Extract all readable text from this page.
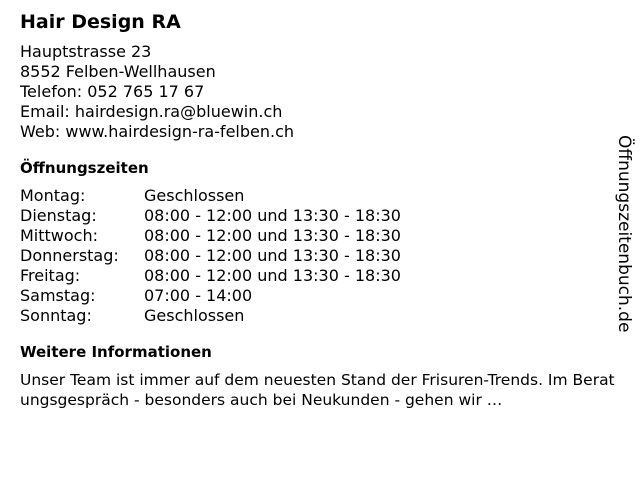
Hair Design RA
Hauptstrasse 23
8552 Felben-Wellhausen
Telefon: 052 765 17 67
Email: hairdesign.ra@bluewin.ch
Web: www.hairdesign-ra-felben.ch
Öffnungszeiten
Montag:	Geschlossen
Dienstag:	08:00 - 12:00 und 13:30 - 18:30
Mittwoch:	08:00 - 12:00 und 13:30 - 18:30
Donnerstag: 08:00 - 12:00 und 13:30 - 18:30
Freitag:	08:00 - 12:00 und 13:30 - 18:30
Samstag:	07:00 - 14:00
Sonntag:	Geschlossen
Weitere Informationen
Unser Team ist immer auf dem neuesten Stand der Frisuren-Trends. Im Beratungsgespräch - besonders auch bei Neukunden - gehen wir …
Öffnungszeitenbuch.de
